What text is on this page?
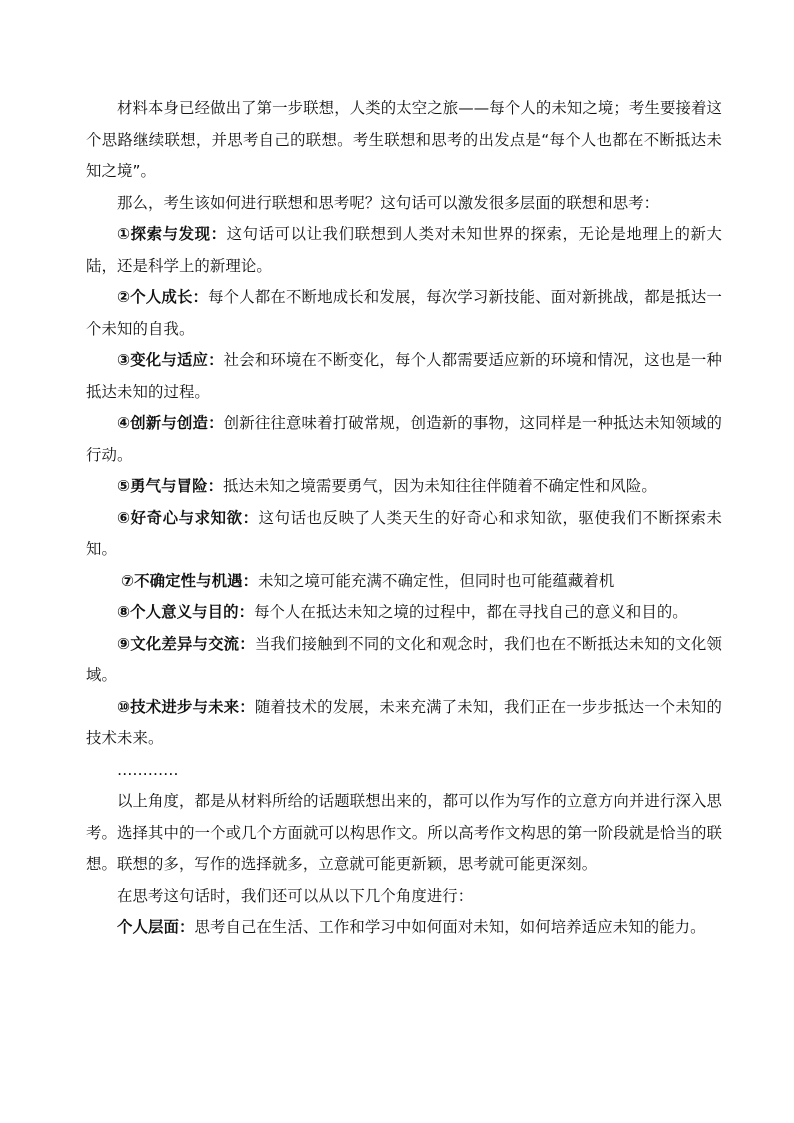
材料本身已经做出了第一步联想，人类的太空之旅——每个人的未知之境；考生要接着这个思路继续联想，并思考自己的联想。考生联想和思考的出发点是“每个人也都在不断抵达未知之境”。

那么，考生该如何进行联想和思考呢？这句话可以激发很多层面的联想和思考：

①探索与发现：这句话可以让我们联想到人类对未知世界的探索，无论是地理上的新大陆，还是科学上的新理论。

②个人成长：每个人都在不断地成长和发展，每次学习新技能、面对新挑战，都是抵达一个未知的自我。

③变化与适应：社会和环境在不断变化，每个人都需要适应新的环境和情况，这也是一种抵达未知的过程。

④创新与创造：创新往往意味着打破常规，创造新的事物，这同样是一种抵达未知领域的行动。

⑤勇气与冒险：抵达未知之境需要勇气，因为未知往往伴随着不确定性和风险。

⑥好奇心与求知欲：这句话也反映了人类天生的好奇心和求知欲，驱使我们不断探索未知。

⑦不确定性与机遇：未知之境可能充满不确定性，但同时也可能蕴藏着机

⑧个人意义与目的：每个人在抵达未知之境的过程中，都在寻找自己的意义和目的。

⑨文化差异与交流：当我们接触到不同的文化和观念时，我们也在不断抵达未知的文化领域。

⑩技术进步与未来：随着技术的发展，未来充满了未知，我们正在一步步抵达一个未知的技术未来。

…………

以上角度，都是从材料所给的话题联想出来的，都可以作为写作的立意方向并进行深入思考。选择其中的一个或几个方面就可以构思作文。所以高考作文构思的第一阶段就是恰当的联想。联想的多，写作的选择就多，立意就可能更新颖，思考就可能更深刻。

在思考这句话时，我们还可以从以下几个角度进行：

个人层面：思考自己在生活、工作和学习中如何面对未知，如何培养适应未知的能力。
